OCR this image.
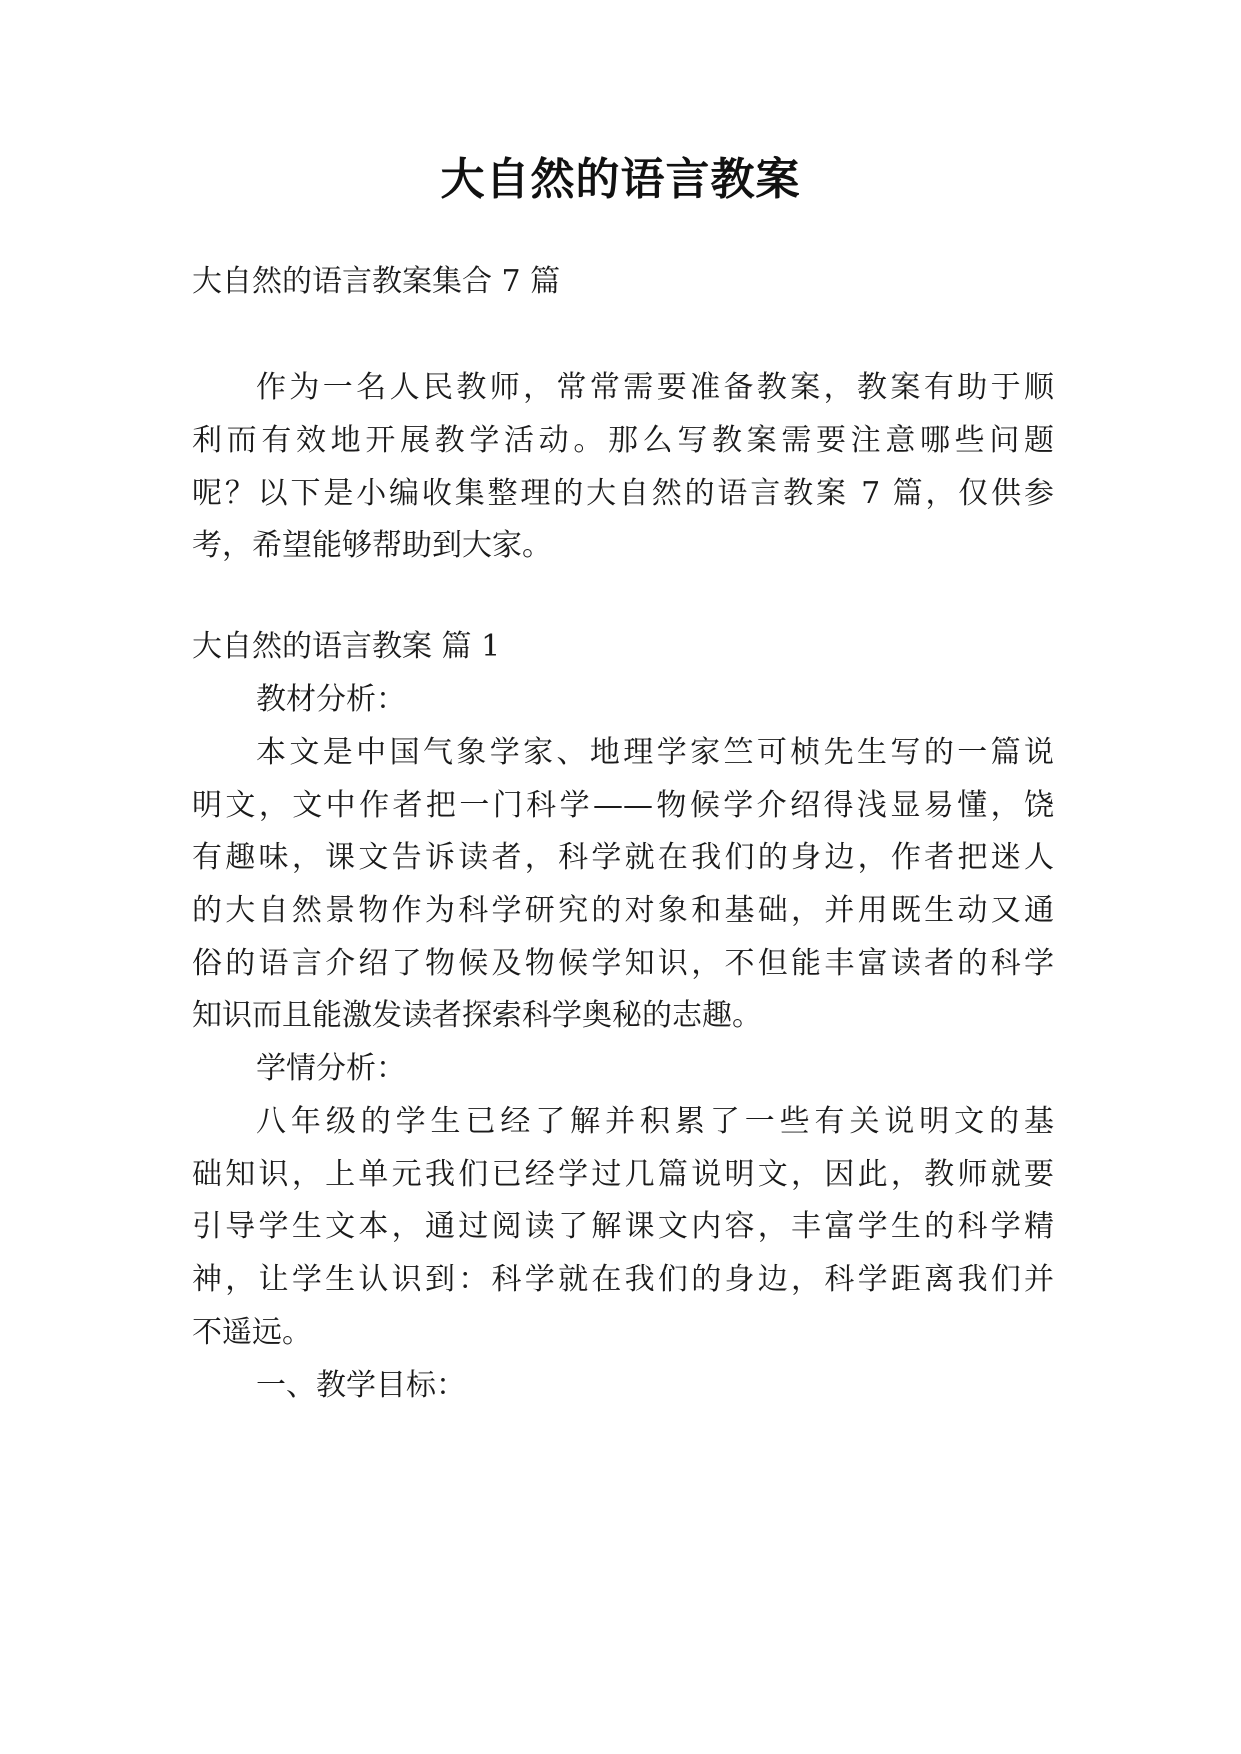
大自然的语言教案

大自然的语言教案集合 7 篇

作为一名人民教师，常常需要准备教案，教案有助于顺

利而有效地开展教学活动。那么写教案需要注意哪些问题

呢？以下是小编收集整理的大自然的语言教案 7 篇，仅供参

考，希望能够帮助到大家。

大自然的语言教案 篇 1

教材分析：

本文是中国气象学家、地理学家竺可桢先生写的一篇说

明文，文中作者把一门科学——物候学介绍得浅显易懂，饶

有趣味，课文告诉读者，科学就在我们的身边，作者把迷人

的大自然景物作为科学研究的对象和基础，并用既生动又通

俗的语言介绍了物候及物候学知识，不但能丰富读者的科学

知识而且能激发读者探索科学奥秘的志趣。

学情分析：

八年级的学生已经了解并积累了一些有关说明文的基

础知识，上单元我们已经学过几篇说明文，因此，教师就要

引导学生文本，通过阅读了解课文内容，丰富学生的科学精

神，让学生认识到：科学就在我们的身边，科学距离我们并

不遥远。

一、教学目标：
